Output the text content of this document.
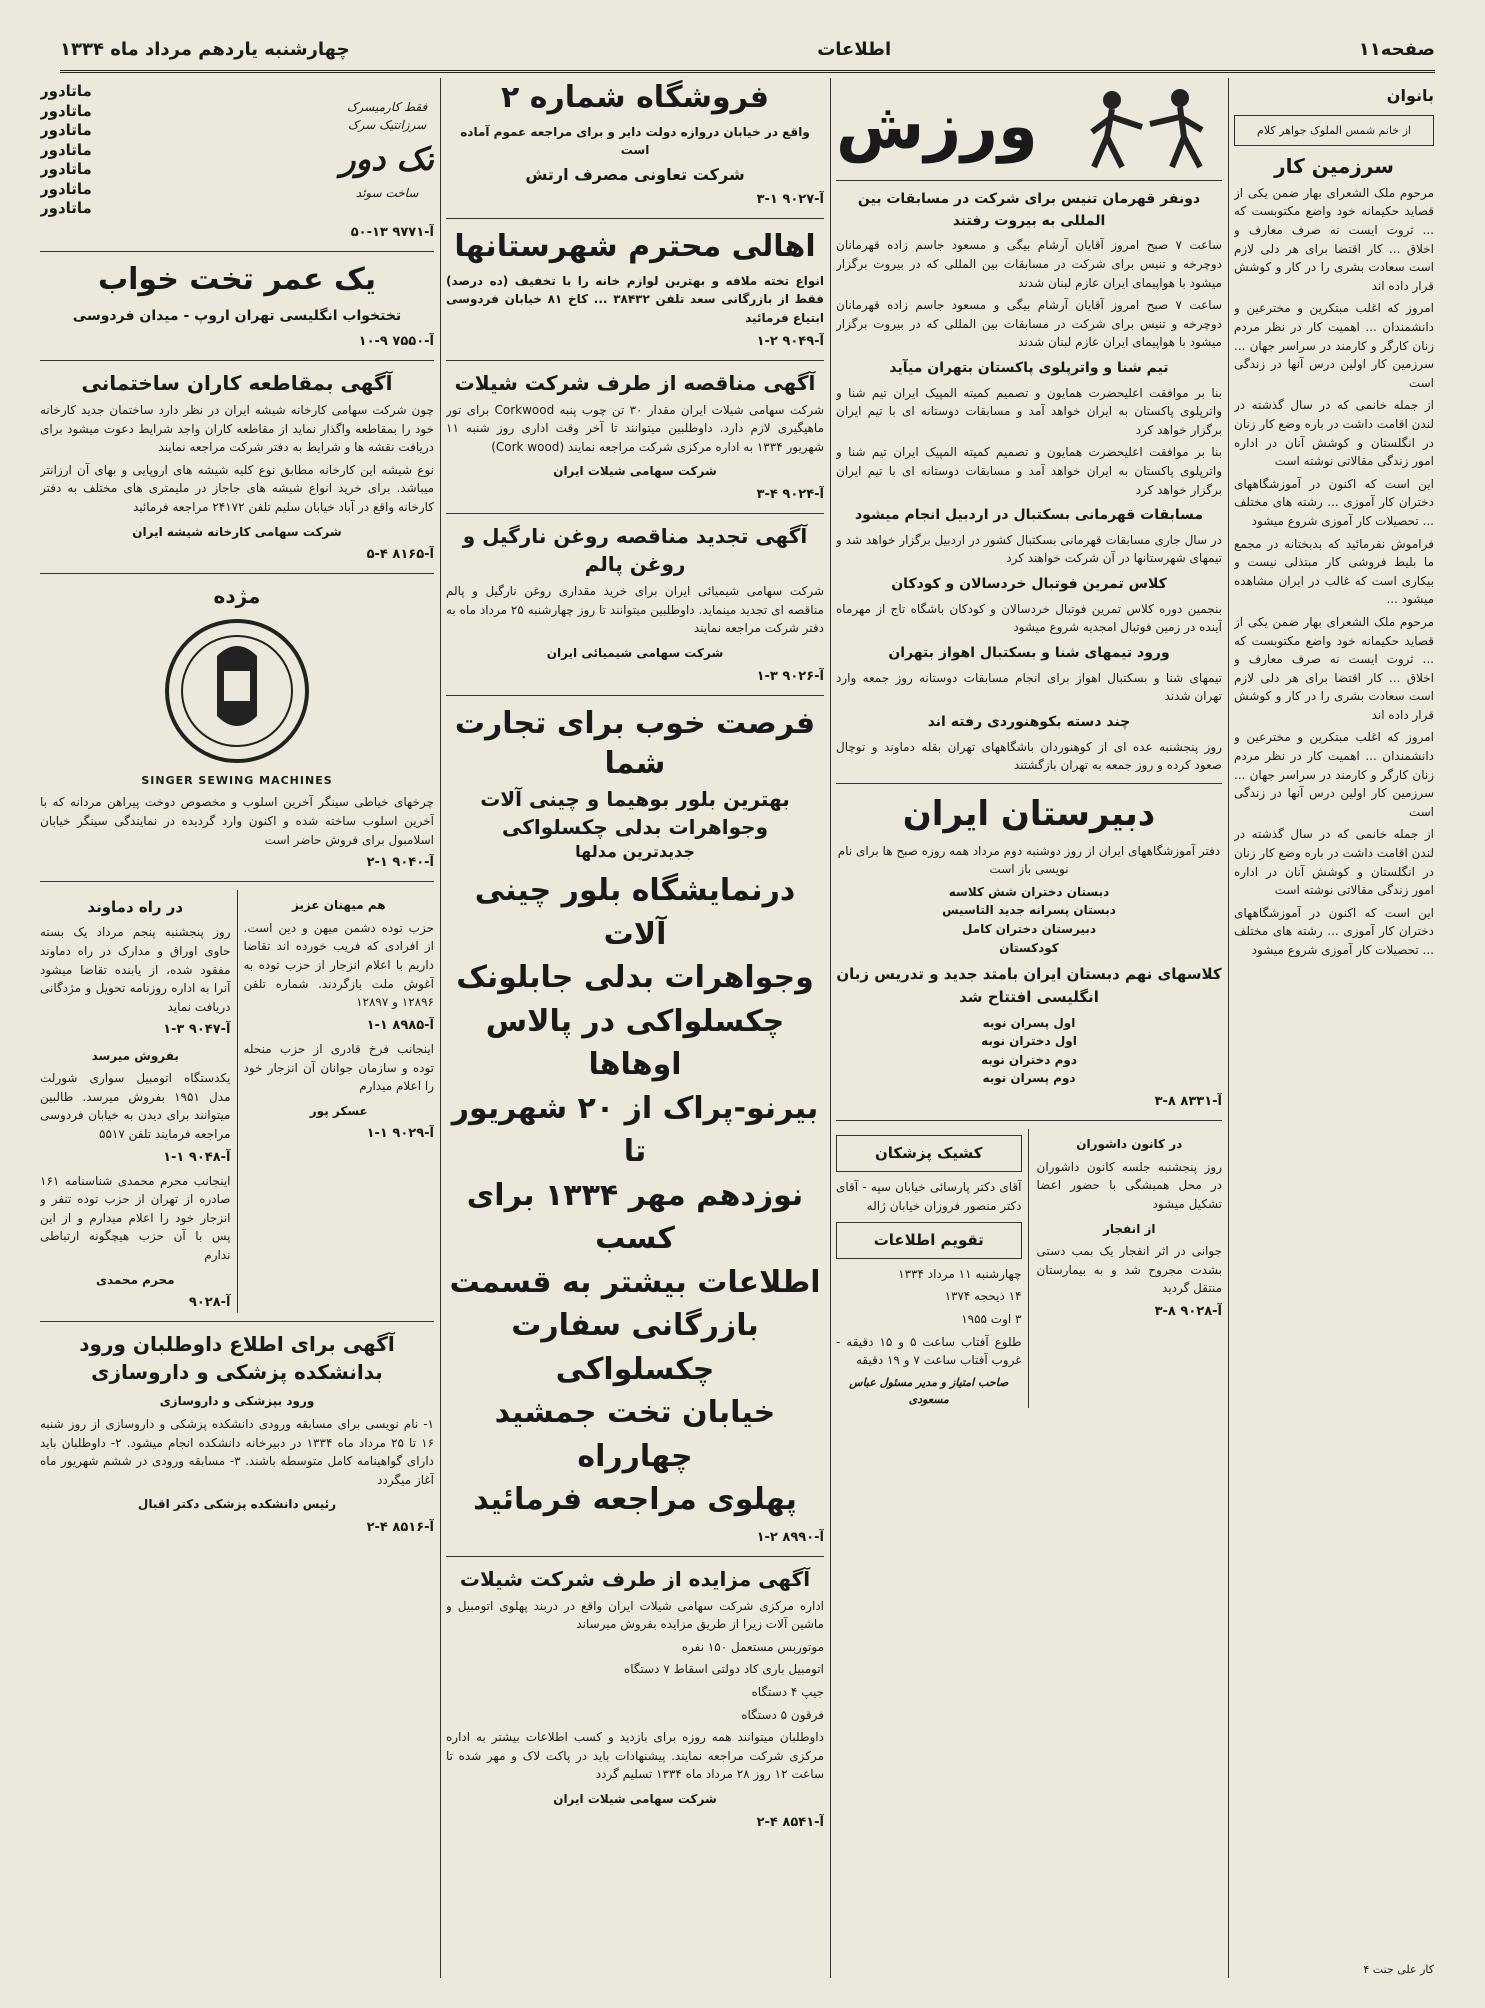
صفحه۱۱
اطلاعات
چهارشنبه یاردهم مرداد ماه ۱۳۳۴
بانوان
از خانم شمس الملوک جواهر کلام
سرزمین کار

مرحوم ملک الشعرای بهار ضمن یکی از قصاید حکیمانه خود واضع مکتوبست که ... ثروت ایست نه صرف معارف و اخلاق ... کار اقتضا برای هر دلی لازم است سعادت بشری را در کار و کوشش قرار داده اند

امروز که اغلب مبتکرین و مخترعین و دانشمندان ... اهمیت کار در نظر مردم زنان کارگر و کارمند در سراسر جهان ... سرزمین کار اولین درس آنها در زندگی است

از جمله خانمی که در سال گذشته در لندن اقامت داشت در باره وضع کار زنان در انگلستان و کوشش آنان در اداره امور زندگی مقالاتی نوشته است

این است که اکنون در آموزشگاههای دختران کار آموزی ... رشته های مختلف ... تحصیلات کار آموزی شروع میشود

فراموش نفرمائید که بدبختانه در مجمع ما بلیط فروشی کار مبتذلی نیست و بیکاری است که غالب در ایران مشاهده میشود ...

مرحوم ملک الشعرای بهار ضمن یکی از قصاید حکیمانه خود واضع مکتوبست که ... ثروت ایست نه صرف معارف و اخلاق ... کار اقتضا برای هر دلی لازم است سعادت بشری را در کار و کوشش قرار داده اند

امروز که اغلب مبتکرین و مخترعین و دانشمندان ... اهمیت کار در نظر مردم زنان کارگر و کارمند در سراسر جهان ... سرزمین کار اولین درس آنها در زندگی است

از جمله خانمی که در سال گذشته در لندن اقامت داشت در باره وضع کار زنان در انگلستان و کوشش آنان در اداره امور زندگی مقالاتی نوشته است

این است که اکنون در آموزشگاههای دختران کار آموزی ... رشته های مختلف ... تحصیلات کار آموزی شروع میشود

کار علی جنت ۴
ورزش
دونفر قهرمان تنیس برای شرکت در مسابقات بین المللی به بیروت رفتند

ساعت ۷ صبح امروز آقایان آرشام بیگی و مسعود جاسم زاده قهرمانان دوچرخه و تنیس برای شرکت در مسابقات بین المللی که در بیروت برگزار میشود با هواپیمای ایران عازم لبنان شدند

ساعت ۷ صبح امروز آقایان آرشام بیگی و مسعود جاسم زاده قهرمانان دوچرخه و تنیس برای شرکت در مسابقات بین المللی که در بیروت برگزار میشود با هواپیمای ایران عازم لبنان شدند

تیم شنا و واترپلوی پاکستان بتهران میآید

بنا بر موافقت اعلیحضرت همایون و تصمیم کمیته المپیک ایران تیم شنا و واترپلوی پاکستان به ایران خواهد آمد و مسابقات دوستانه ای با تیم ایران برگزار خواهد کرد

بنا بر موافقت اعلیحضرت همایون و تصمیم کمیته المپیک ایران تیم شنا و واترپلوی پاکستان به ایران خواهد آمد و مسابقات دوستانه ای با تیم ایران برگزار خواهد کرد

مسابقات قهرمانی بسکتبال در اردبیل انجام میشود

در سال جاری مسابقات قهرمانی بسکتبال کشور در اردبیل برگزار خواهد شد و تیمهای شهرستانها در آن شرکت خواهند کرد

کلاس تمرین فوتبال خردسالان و کودکان

بنجمین دوره کلاس تمرین فوتبال خردسالان و کودکان باشگاه تاج از مهرماه آینده در زمین فوتبال امجدیه شروع میشود

ورود تیمهای شنا و بسکتبال اهواز بتهران

تیمهای شنا و بسکتبال اهواز برای انجام مسابقات دوستانه روز جمعه وارد تهران شدند

چند دسته بکوهنوردی رفته اند

روز پنجشنبه عده ای از کوهنوردان باشگاههای تهران بقله دماوند و توچال صعود کرده و روز جمعه به تهران بازگشتند

دبیرستان ایران

دفتر آموزشگاههای ایران از روز دوشنبه دوم مرداد همه روزه صبح ها برای نام نویسی باز است

دبستان دختران شش کلاسه
دبستان پسرانه جدید التاسیس
دبیرستان دختران کامل
کودکستان
کلاسهای نهم دبستان ایران بامتد جدید و تدریس زبان انگلیسی افتتاح شد
اول پسران نوبه
اول دختران نوبه
دوم دختران نوبه
دوم پسران نوبه
آ-۸۳۳۱ ۸-۳
در کانون داشوران

روز پنجشنبه جلسه کانون داشوران در محل همیشگی با حضور اعضا تشکیل میشود

از انفجار

جوانی در اثر انفجار یک بمب دستی بشدت مجروح شد و به بیمارستان منتقل گردید

آ-۹۰۲۸ ۸-۳
کشیک پزشکان

آقای دکتر پارسائی خیابان سپه - آقای دکتر منصور فروزان خیابان ژاله

تقویم اطلاعات
چهارشنبه ۱۱ مرداد ۱۳۳۴
۱۴ ذیحجه ۱۳۷۴
۳ اوت ۱۹۵۵
طلوع آفتاب ساعت ۵ و ۱۵ دقیقه - غروب آفتاب ساعت ۷ و ۱۹ دقیقه
صاحب امتیاز و مدیر مسئول عباس مسعودی
فروشگاه شماره ۲
واقع در خیابان دروازه دولت دایر و برای مراجعه عموم آماده است
شرکت تعاونی مصرف ارتش
آ-۹۰۲۷ ۱-۳
اهالی محترم شهرستانها

انواع تخته ملافه و بهترین لوازم خانه را با تخفیف (ده درصد) فقط از بازرگانی سعد تلفن ۳۸۴۳۲ ... کاخ ۸۱ خیابان فردوسی ابتیاع فرمائید

آ-۹۰۴۹ ۲-۱
آگهی مناقصه از طرف شرکت شیلات

شرکت سهامی شیلات ایران مقدار ۳۰ تن چوب پنبه Corkwood برای تور ماهیگیری لازم دارد. داوطلبین میتوانند تا آخر وقت اداری روز شنبه ۱۱ شهریور ۱۳۳۴ به اداره مرکزی شرکت مراجعه نمایند (Cork wood)

شرکت سهامی شیلات ایران
آ-۹۰۲۴ ۴-۳
آگهی تجدید مناقصه روغن نارگیل و روغن پالم

شرکت سهامی شیمیائی ایران برای خرید مقداری روغن نارگیل و پالم مناقصه ای تجدید مینماید. داوطلبین میتوانند تا روز چهارشنبه ۲۵ مرداد ماه به دفتر شرکت مراجعه نمایند

شرکت سهامی شیمیائی ایران
آ-۹۰۲۶ ۳-۱
فرصت خوب برای تجارت شما
بهترین بلور بوهیما و چینی آلات
وجواهرات بدلی چکسلواکی
جدیدترین مدلها
درنمایشگاه بلور چینی آلات
وجواهرات بدلی جابلونک
چکسلواکی در پالاس اوهاها
بیرنو-پراک از ۲۰ شهریور تا
نوزدهم مهر ۱۳۳۴ برای کسب
اطلاعات بیشتر به قسمت
بازرگانی سفارت چکسلواکی
خیابان تخت جمشید چهارراه
پهلوی مراجعه فرمائید
آ-۸۹۹۰ ۲-۱
آگهی مزایده از طرف شرکت شیلات

اداره مرکزی شرکت سهامی شیلات ایران واقع در دربند پهلوی اتومبیل و ماشین آلات زیرا از طریق مزایده بفروش میرساند

موتوربس مستعمل ۱۵۰ نفره
اتومبیل باری کاد دولتی اسقاط ۷ دستگاه
جیپ ۴ دستگاه
فرقون ۵ دستگاه

داوطلبان میتوانند همه روزه برای بازدید و کسب اطلاعات بیشتر به اداره مرکزی شرکت مراجعه نمایند. پیشنهادات باید در پاکت لاک و مهر شده تا ساعت ۱۲ روز ۲۸ مرداد ماه ۱۳۳۴ تسلیم گردد

شرکت سهامی شیلات ایران
آ-۸۵۴۱ ۴-۲
فقط کارمیسرک
سرزانتیک سرک
تک دور
ساخت سوئد
ماتادور
ماتادور
ماتادور
ماتادور
ماتادور
ماتادور
ماتادور
آ-۹۷۷۱ ۱۳-۵۰
یک عمر تخت خواب
تختخواب انگلیسی تهران اروپ - میدان فردوسی
آ-۷۵۵۰ ۹-۱۰
آگهی بمقاطعه کاران ساختمانی

چون شرکت سهامی کارخانه شیشه ایران در نظر دارد ساختمان جدید کارخانه خود را بمقاطعه واگذار نماید از مقاطعه کاران واجد شرایط دعوت میشود برای دریافت نقشه ها و شرایط به دفتر شرکت مراجعه نمایند

نوع شیشه این کارخانه مطابق نوع کلیه شیشه های اروپایی و بهای آن ارزانتر میباشد. برای خرید انواع شیشه های جاجاز در ملیمتری های مختلف به دفتر کارخانه واقع در آباد خیابان سلیم تلفن ۲۴۱۷۲ مراجعه فرمائید

شرکت سهامی کارخانه شیشه ایران
آ-۸۱۶۵ ۴-۵
مژده
SINGER SEWING MACHINES

چرخهای خیاطی سینگر آخرین اسلوب و مخصوص دوخت پیراهن مردانه که با آخرین اسلوب ساخته شده و اکنون وارد گردیده در نمایندگی سینگر خیابان اسلامبول برای فروش حاضر است

آ-۹۰۴۰ ۱-۲
هم میهنان عزیز

حزب توده دشمن میهن و دین است. از افرادی که فریب خورده اند تقاضا داریم با اعلام انزجار از حزب توده به آغوش ملت بازگردند. شماره تلفن ۱۲۸۹۶ و ۱۲۸۹۷

آ-۸۹۸۵ ۱-۱

اینجانب فرخ قادری از حزب منحله توده و سازمان جوانان آن انزجار خود را اعلام میدارم

عسکر پور
آ-۹۰۲۹ ۱-۱
در راه دماوند

روز پنجشنبه پنجم مرداد یک بسته حاوی اوراق و مدارک در راه دماوند مفقود شده، از یابنده تقاضا میشود آنرا به اداره روزنامه تحویل و مژدگانی دریافت نماید

آ-۹۰۴۷ ۳-۱
بفروش میرسد

یکدستگاه اتومبیل سواری شورلت مدل ۱۹۵۱ بفروش میرسد. طالبین میتوانند برای دیدن به خیابان فردوسی مراجعه فرمایند تلفن ۵۵۱۷

آ-۹۰۴۸ ۱-۱

اینجانب محرم محمدی شناسنامه ۱۶۱ صادره از تهران از حزب توده تنفر و انزجار خود را اعلام میدارم و از این پس با آن حزب هیچگونه ارتباطی ندارم

محرم محمدی
آ-۹۰۲۸
آگهی برای اطلاع داوطلبان ورود بدانشکده پزشکی و داروسازی
ورود بپزشکی و داروسازی

۱- نام نویسی برای مسابقه ورودی دانشکده پزشکی و داروسازی از روز شنبه ۱۶ تا ۲۵ مرداد ماه ۱۳۳۴ در دبیرخانه دانشکده انجام میشود. ۲- داوطلبان باید دارای گواهینامه کامل متوسطه باشند. ۳- مسابقه ورودی در ششم شهریور ماه آغاز میگردد

رئیس دانشکده پزشکی دکتر اقبال
آ-۸۵۱۶ ۴-۲
